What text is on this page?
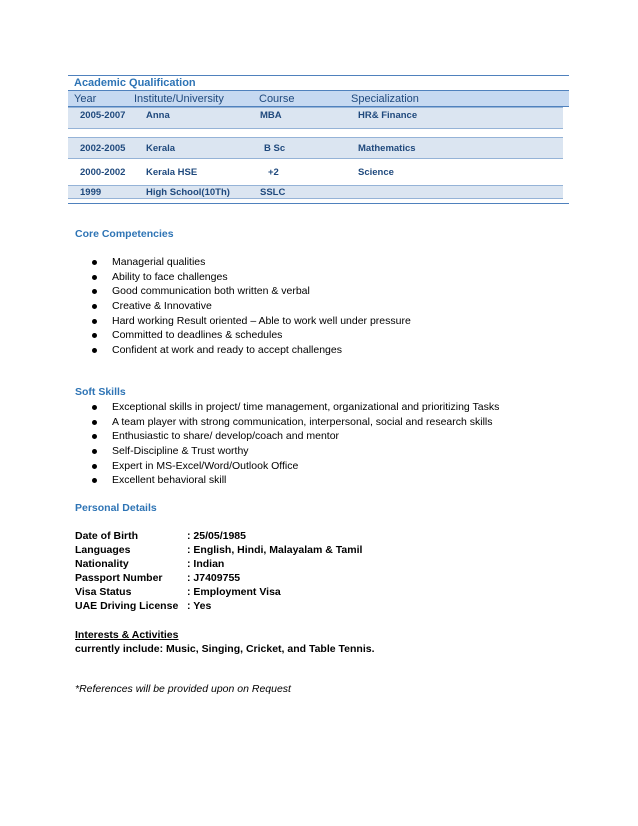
Academic Qualification
Year	Institute/University	Course	Specialization
2005-2007	Anna	MBA	HR& Finance
2002-2005	Kerala	B Sc	Mathematics
2000-2002	Kerala HSE	+2	Science
1999	High School(10Th)	SSLC
Core Competencies
Managerial qualities
Ability to face challenges
Good communication both written & verbal
Creative & Innovative
Hard working Result oriented – Able to work well under pressure
Committed to deadlines & schedules
Confident at work and ready to accept challenges
Soft Skills
Exceptional skills in project/ time management, organizational and prioritizing Tasks
A team player with strong communication, interpersonal, social and research skills
Enthusiastic to share/ develop/coach and mentor
Self-Discipline & Trust worthy
Expert in MS-Excel/Word/Outlook Office
Excellent behavioral skill
Personal Details
Date of Birth	: 25/05/1985
Languages	: English, Hindi, Malayalam & Tamil
Nationality	: Indian
Passport Number	: J7409755
Visa Status	: Employment Visa
UAE Driving License : Yes
Interests & Activities
currently include: Music, Singing, Cricket, and Table Tennis.
*References will be provided upon on Request
